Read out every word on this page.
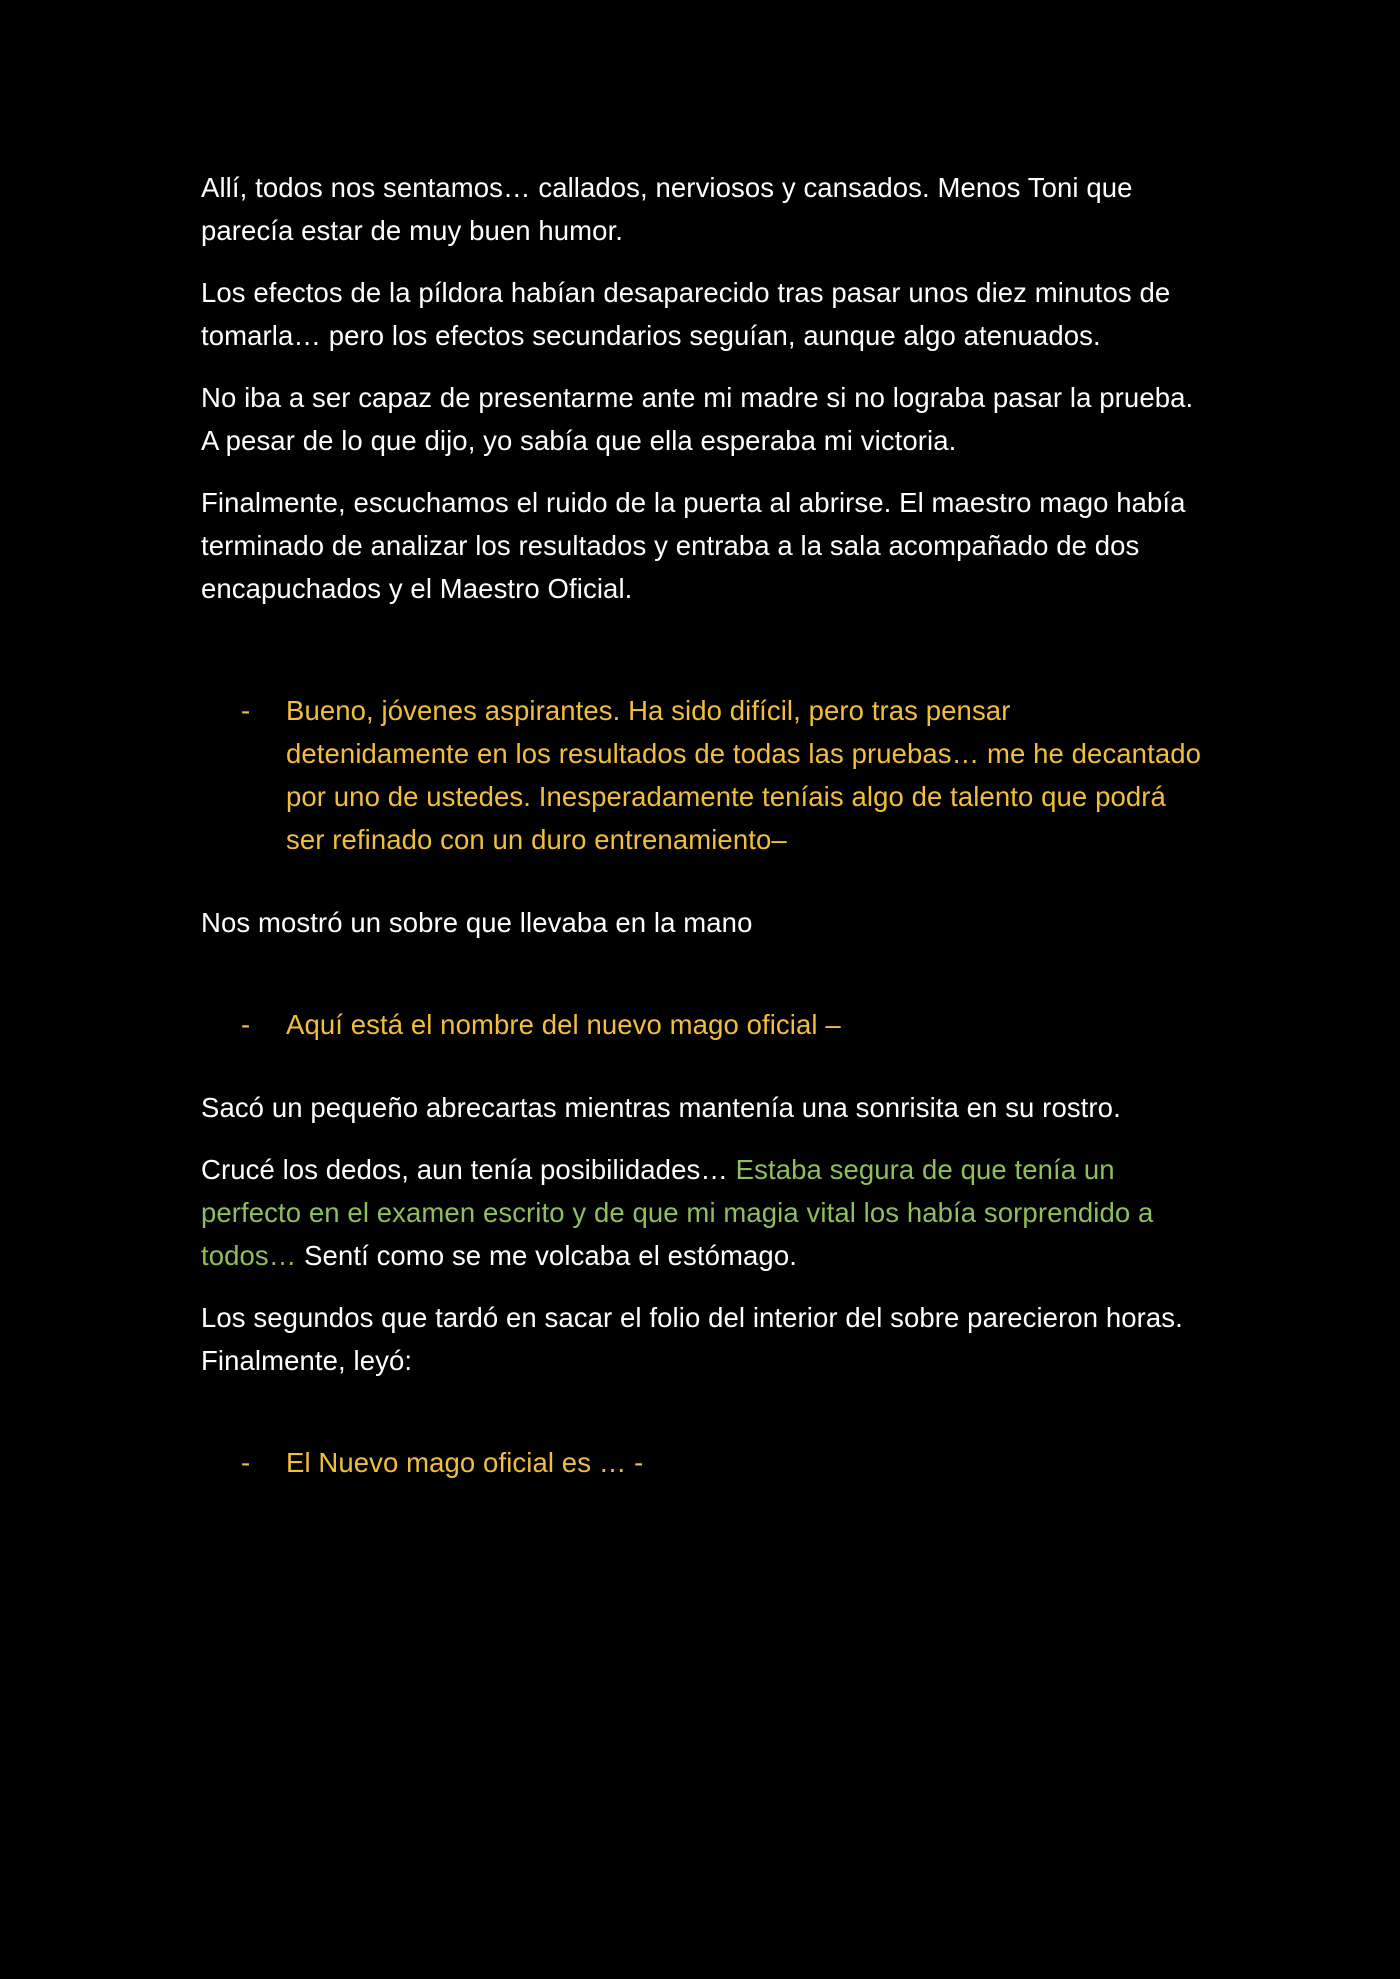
Allí, todos nos sentamos… callados, nerviosos y cansados. Menos Toni que parecía estar de muy buen humor.

Los efectos de la píldora habían desaparecido tras pasar unos diez minutos de tomarla… pero los efectos secundarios seguían, aunque algo atenuados.

No iba a ser capaz de presentarme ante mi madre si no lograba pasar la prueba. A pesar de lo que dijo, yo sabía que ella esperaba mi victoria.

Finalmente, escuchamos el ruido de la puerta al abrirse. El maestro mago había terminado de analizar los resultados y entraba a la sala acompañado de dos encapuchados y el Maestro Oficial.

- Bueno, jóvenes aspirantes. Ha sido difícil, pero tras pensar detenidamente en los resultados de todas las pruebas… me he decantado por uno de ustedes. Inesperadamente teníais algo de talento que podrá ser refinado con un duro entrenamiento–

Nos mostró un sobre que llevaba en la mano

- Aquí está el nombre del nuevo mago oficial –

Sacó un pequeño abrecartas mientras mantenía una sonrisita en su rostro.

Crucé los dedos, aun tenía posibilidades… Estaba segura de que tenía un perfecto en el examen escrito y de que mi magia vital los había sorprendido a todos… Sentí como se me volcaba el estómago.

Los segundos que tardó en sacar el folio del interior del sobre parecieron horas. Finalmente, leyó:

- El Nuevo mago oficial es … -
